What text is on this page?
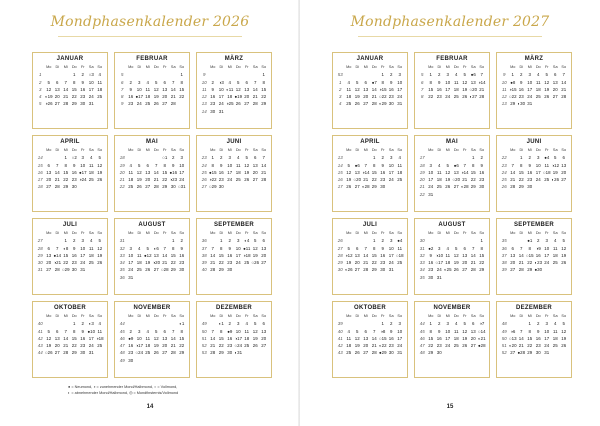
Mondphasenkalender 2026
JANUAR
	Mo	Di	Mi	Do	Fr	Sa	So
1				1	2	○3	4
2	5	6	7	8	9	10	11
3	12	13	14	15	16	17	18
4	◐19	20	21	22	23	24	25
5	◑26	27	28	29	30	31	
FEBRUAR
	Mo	Di	Mi	Do	Fr	Sa	So
5							1
6	2	3	4	5	6	7	8
7	9	10	11	12	13	14	15
8	16	●17	18	19	20	21	22
9	23	24	25	26	27	28	
MÄRZ
	Mo	Di	Mi	Do	Fr	Sa	So
9							1
10	2	◑3	4	5	6	7	8
11	9	10	◐11	12	13	14	15
12	16	17	18	●19	20	21	22
13	23	24	◑25	26	27	28	29
14	30	31					
APRIL
	Mo	Di	Mi	Do	Fr	Sa	So
14			1	○2	3	4	5
15	6	7	8	9	10	11	12
16	13	14	15	16	●17	18	19
17	20	21	22	23	◑24	25	26
18	27	28	29	30			
MAI
	Mo	Di	Mi	Do	Fr	Sa	So
18					○1	2	3
19	4	5	6	7	8	9	10
20	11	12	13	14	15	●16	17
21	18	19	20	21	22	◑23	24
22	25	26	27	28	29	30	○31
JUNI
	Mo	Di	Mi	Do	Fr	Sa	So
23	1	2	3	4	5	6	7
24	8	9	10	11	12	13	14
25	●15	16	17	18	19	20	21
26	◑22	23	24	25	26	27	28
27	○29	30					
JULI
	Mo	Di	Mi	Do	Fr	Sa	So
27			1	2	3	4	5
28	6	7	◐8	9	10	11	12
29	13	●14	15	16	17	18	19
30	20	◑21	22	23	24	25	26
31	27	28	○29	30	31		
AUGUST
	Mo	Di	Mi	Do	Fr	Sa	So
31						1	2
32	3	4	5	◐6	7	8	9
33	10	11	●12	13	14	15	16
34	17	18	19	◑20	21	22	23
35	24	25	26	27	○28	29	30
36	31						
SEPTEMBER
	Mo	Di	Mi	Do	Fr	Sa	So
36		1	2	3	◐4	5	6
37	7	8	9	10	●11	12	13
38	14	15	16	17	◑18	19	20
39	21	22	23	24	25	○26	27
40	28	29	30				
OKTOBER
	Mo	Di	Mi	Do	Fr	Sa	So
40				1	2	◐3	4
41	5	6	7	8	9	●10	11
42	12	13	14	15	16	17	◑18
43	19	20	21	22	23	24	25
44	○26	27	28	29	30	31	
NOVEMBER
	Mo	Di	Mi	Do	Fr	Sa	So
44							◐1
45	2	3	4	5	6	7	8
46	●9	10	11	12	13	14	15
47	16	◑17	18	19	20	21	22
48	23	○24	25	26	27	28	29
49	30						
DEZEMBER
	Mo	Di	Mi	Do	Fr	Sa	So
49		◐1	2	3	4	5	6
50	7	8	●9	10	11	12	13
51	14	15	16	◑17	18	19	20
52	21	22	23	○24	25	26	27
53	28	29	30	◐31			
● = Neumond, ◑ = zunehmender Mond/Halbmond, ○ = Vollmond,
◐ = abnehmender Mond/Halbmond, ◎ = Mondfinsternis/Vollmond
14
Mondphasenkalender 2027
JANUAR
	Mo	Di	Mi	Do	Fr	Sa	So
53					1	2	3
1	4	5	6	●7	8	9	10
2	11	12	13	14	◑15	16	17
3	18	19	20	21	○22	23	24
4	25	26	27	28	◐29	30	31
FEBRUAR
	Mo	Di	Mi	Do	Fr	Sa	So
5	1	2	3	4	5	●6	7
6	8	9	10	11	12	13	◑14
7	15	16	17	18	19	○20	21
8	22	23	24	25	26	◐27	28
MÄRZ
	Mo	Di	Mi	Do	Fr	Sa	So
9	1	2	3	4	5	6	7
10	●8	9	10	11	12	13	14
11	◑15	16	17	18	19	20	21
12	○22	23	24	25	26	27	28
13	29	◐30	31				
APRIL
	Mo	Di	Mi	Do	Fr	Sa	So
13				1	2	3	4
14	5	●6	7	8	9	10	11
15	12	13	◑14	15	16	17	18
16	19	○20	21	22	23	24	25
17	26	27	◐28	29	30		
MAI
	Mo	Di	Mi	Do	Fr	Sa	So
17						1	2
18	3	4	5	●6	7	8	9
19	10	11	12	13	◑14	15	16
20	17	18	19	○20	21	22	23
21	24	25	26	27	◐28	29	30
22	31						
JUNI
	Mo	Di	Mi	Do	Fr	Sa	So
22		1	2	3	●4	5	6
23	7	8	9	10	11	◑12	13
24	14	15	16	17	○18	19	20
25	21	22	23	24	25	◐26	27
26	28	29	30				
JULI
	Mo	Di	Mi	Do	Fr	Sa	So
26				1	2	3	●4
27	5	6	7	8	9	10	11
28	◑12	13	14	15	16	17	○18
29	19	20	21	22	23	24	25
30	◐26	27	28	29	30	31	
AUGUST
	Mo	Di	Mi	Do	Fr	Sa	So
30							1
31	●2	3	4	5	6	7	8
32	9	◑10	11	12	13	14	15
33	16	○17	18	19	20	21	22
34	23	24	◐25	26	27	28	29
35	30	31					
SEPTEMBER
	Mo	Di	Mi	Do	Fr	Sa	So
35			●1	2	3	4	5
36	6	7	8	◑9	10	11	12
37	13	14	○15	16	17	18	19
38	20	21	22	◐23	24	25	26
39	27	28	29	●30			
OKTOBER
	Mo	Di	Mi	Do	Fr	Sa	So
39					1	2	3
40	4	5	6	7	◑8	9	10
41	11	12	13	14	○15	16	17
42	18	19	20	21	◐22	23	24
43	25	26	27	28	●29	30	31
NOVEMBER
	Mo	Di	Mi	Do	Fr	Sa	So
44	1	2	3	4	5	6	◑7
45	8	9	10	11	12	13	○14
46	15	16	17	18	19	20	◐21
47	22	23	24	25	26	27	●28
48	29	30					
DEZEMBER
	Mo	Di	Mi	Do	Fr	Sa	So
48			1	2	3	4	5
49	◑6	7	8	9	10	11	12
50	○13	14	15	16	17	18	19
51	◐20	21	22	23	24	25	26
52	27	●28	29	30	31		
15
